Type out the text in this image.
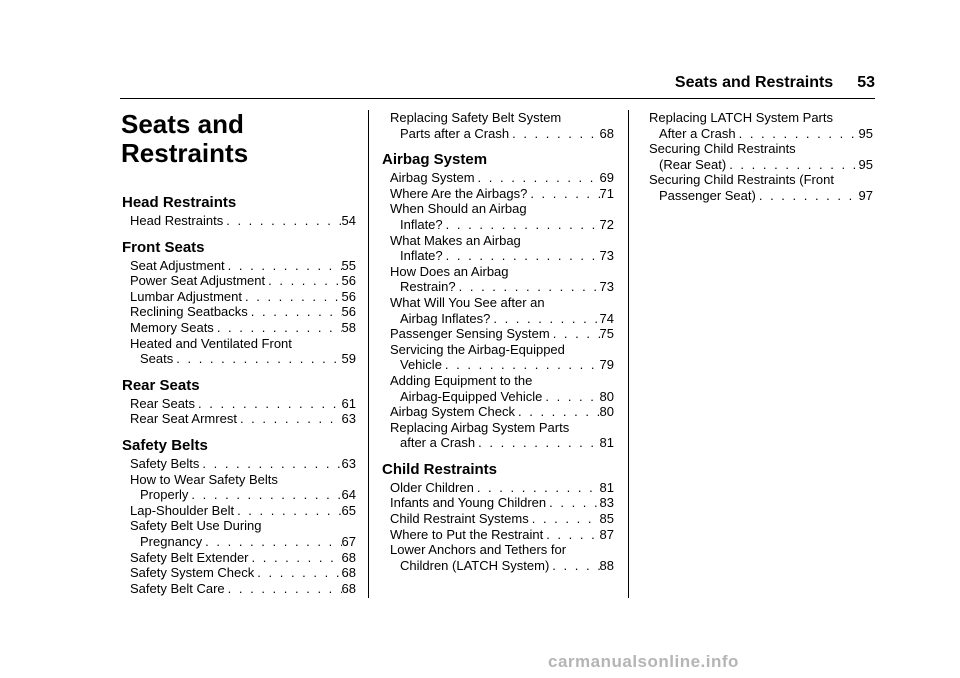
Seats and Restraints 53
Seats and
Restraints
Head Restraints
Head Restraints . . .	54
Front Seats
Seat Adjustment . . .	55
Power Seat Adjustment . . .	56
Lumbar Adjustment . . .	56
Reclining Seatbacks . . .	56
Memory Seats . . .	58
Heated and Ventilated Front
Seats . . .	59
Rear Seats
Rear Seats . . .	61
Rear Seat Armrest . . .	63
Safety Belts
Safety Belts . . .	63
How to Wear Safety Belts
Properly . . .	64
Lap-Shoulder Belt . . .	65
Safety Belt Use During
Pregnancy . . .	67
Safety Belt Extender . . .	68
Safety System Check . . .	68
Safety Belt Care . . .	68
Replacing Safety Belt System
Parts after a Crash . . .	68
Airbag System
Airbag System . . .	69
Where Are the Airbags? . . .	71
When Should an Airbag
Inflate? . . .	72
What Makes an Airbag
Inflate? . . .	73
How Does an Airbag
Restrain? . . .	73
What Will You See after an
Airbag Inflates? . . .	74
Passenger Sensing System . . .	75
Servicing the Airbag-Equipped
Vehicle . . .	79
Adding Equipment to the
Airbag-Equipped Vehicle . . .	80
Airbag System Check . . .	80
Replacing Airbag System Parts
after a Crash . . .	81
Child Restraints
Older Children . . .	81
Infants and Young Children . . .	83
Child Restraint Systems . . .	85
Where to Put the Restraint . . .	87
Lower Anchors and Tethers for
Children (LATCH System) . . .	88
Replacing LATCH System Parts
After a Crash . . .	95
Securing Child Restraints
(Rear Seat) . . .	95
Securing Child Restraints (Front
Passenger Seat) . . .	97
carmanualsonline.info
